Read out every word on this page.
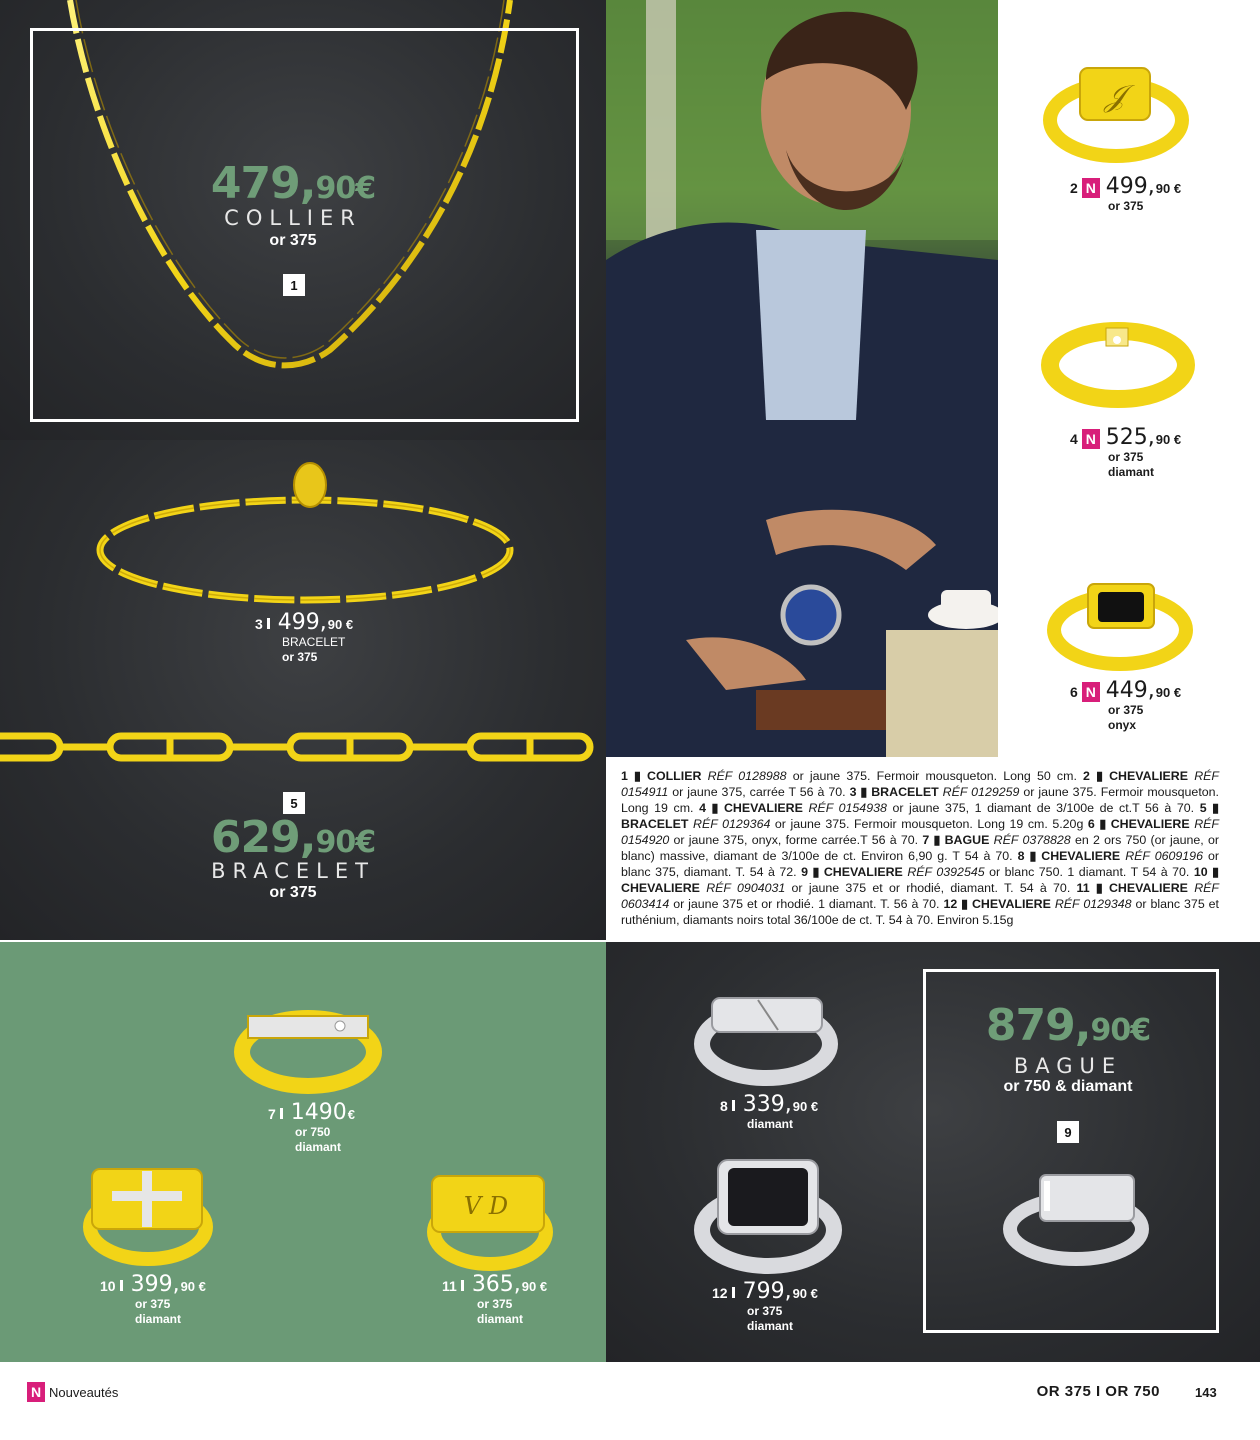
479,90€
COLLIER
or 375
1
3 499, 90 €
BRACELET
or 375
5
629,90€
BRACELET
or 375
𝒥
2 N 499, 90 €
or 375
4 N 525, 90 €
or 375
diamant
6 N 449, 90 €
or 375
onyx
1 ▮ COLLIER RÉF 0128988 or jaune 375. Fermoir mousqueton. Long 50 cm. 2 ▮ CHEVALIERE RÉF 0154911 or jaune 375, carrée T 56 à 70. 3 ▮ BRACELET RÉF 0129259 or jaune 375. Fermoir mousqueton. Long 19 cm. 4 ▮ CHEVALIERE RÉF 0154938 or jaune 375, 1 diamant de 3/100e de ct.T 56 à 70. 5 ▮ BRACELET RÉF 0129364 or jaune 375. Fermoir mousqueton. Long 19 cm. 5.20g 6 ▮ CHEVALIERE RÉF 0154920 or jaune 375, onyx, forme carrée.T 56 à 70. 7 ▮ BAGUE RÉF 0378828 en 2 ors 750 (or jaune, or blanc) massive, diamant de 3/100e de ct. Environ 6,90 g. T 54 à 70. 8 ▮ CHEVALIERE RÉF 0609196 or blanc 375, diamant. T. 54 à 72. 9 ▮ CHEVALIERE RÉF 0392545 or blanc 750. 1 diamant. T 54 à 70. 10 ▮ CHEVALIERE RÉF 0904031 or jaune 375 et or rhodié, diamant. T. 54 à 70. 11 ▮ CHEVALIERE RÉF 0603414 or jaune 375 et or rhodié. 1 diamant. T. 56 à 70. 12 ▮ CHEVALIERE RÉF 0129348 or blanc 375 et ruthénium, diamants noirs total 36/100e de ct. T. 54 à 70. Environ 5.15g
7 1490 €
or 750
diamant
10 399, 90 €
or 375
diamant
V D
11 365, 90 €
or 375
diamant
8 339, 90 €
diamant
12 799, 90 €
or 375
diamant
879,90€
BAGUE
or 750 & diamant
9
N Nouveautés	OR 375 I OR 750	143
